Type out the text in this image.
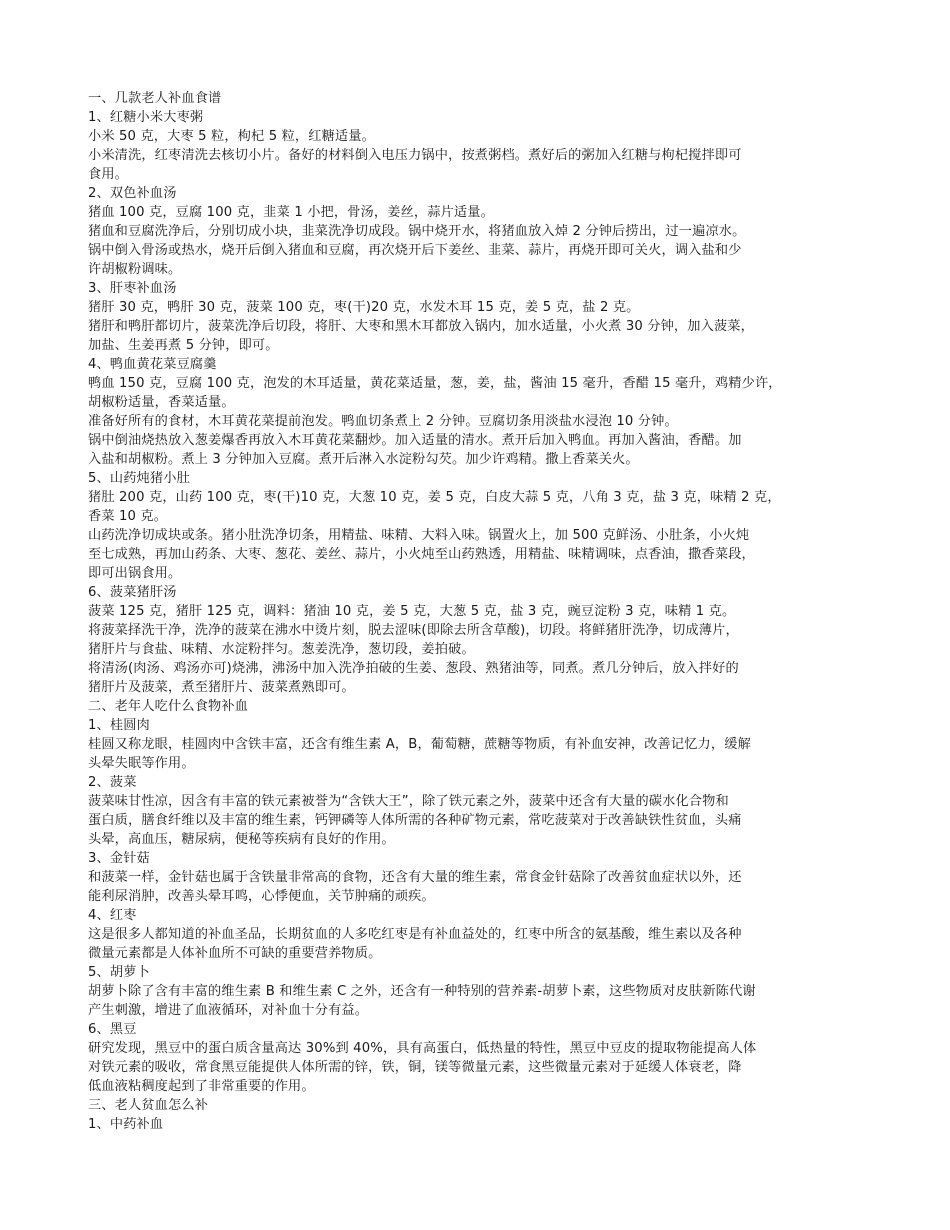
一、几款老人补血食谱

1、红糖小米大枣粥

小米 50 克，大枣 5 粒，枸杞 5 粒，红糖适量。

小米清洗，红枣清洗去核切小片。备好的材料倒入电压力锅中，按煮粥档。煮好后的粥加入红糖与枸杞搅拌即可

食用。

2、双色补血汤

猪血 100 克，豆腐 100 克，韭菜 1 小把，骨汤，姜丝，蒜片适量。

猪血和豆腐洗净后，分别切成小块，韭菜洗净切成段。锅中烧开水，将猪血放入焯 2 分钟后捞出，过一遍凉水。

锅中倒入骨汤或热水，烧开后倒入猪血和豆腐，再次烧开后下姜丝、韭菜、蒜片，再烧开即可关火，调入盐和少

许胡椒粉调味。

3、肝枣补血汤

猪肝 30 克，鸭肝 30 克，菠菜 100 克，枣(干)20 克，水发木耳 15 克，姜 5 克，盐 2 克。

猪肝和鸭肝都切片，菠菜洗净后切段，将肝、大枣和黑木耳都放入锅内，加水适量，小火煮 30 分钟，加入菠菜，

加盐、生姜再煮 5 分钟，即可。

4、鸭血黄花菜豆腐羹

鸭血 150 克，豆腐 100 克，泡发的木耳适量，黄花菜适量，葱，姜，盐，酱油 15 毫升，香醋 15 毫升，鸡精少许，

胡椒粉适量，香菜适量。

准备好所有的食材，木耳黄花菜提前泡发。鸭血切条煮上 2 分钟。豆腐切条用淡盐水浸泡 10 分钟。

锅中倒油烧热放入葱姜爆香再放入木耳黄花菜翻炒。加入适量的清水。煮开后加入鸭血。再加入酱油，香醋。加

入盐和胡椒粉。煮上 3 分钟加入豆腐。煮开后淋入水淀粉勾芡。加少许鸡精。撒上香菜关火。

5、山药炖猪小肚

猪肚 200 克，山药 100 克，枣(干)10 克，大葱 10 克，姜 5 克，白皮大蒜 5 克，八角 3 克，盐 3 克，味精 2 克，

香菜 10 克。

山药洗净切成块或条。猪小肚洗净切条，用精盐、味精、大料入味。锅置火上，加 500 克鲜汤、小肚条，小火炖

至七成熟，再加山药条、大枣、葱花、姜丝、蒜片，小火炖至山药熟透，用精盐、味精调味，点香油，撒香菜段，

即可出锅食用。

6、菠菜猪肝汤

菠菜 125 克，猪肝 125 克，调料：猪油 10 克，姜 5 克，大葱 5 克，盐 3 克，豌豆淀粉 3 克，味精 1 克。

将菠菜择洗干净，洗净的菠菜在沸水中烫片刻，脱去涩味(即除去所含草酸)，切段。将鲜猪肝洗净，切成薄片，

猪肝片与食盐、味精、水淀粉拌匀。葱姜洗净，葱切段，姜拍破。

将清汤(肉汤、鸡汤亦可)烧沸，沸汤中加入洗净拍破的生姜、葱段、熟猪油等，同煮。煮几分钟后，放入拌好的

猪肝片及菠菜，煮至猪肝片、菠菜煮熟即可。

二、老年人吃什么食物补血

1、桂圆肉

桂圆又称龙眼，桂圆肉中含铁丰富，还含有维生素 A，B，葡萄糖，蔗糖等物质，有补血安神，改善记忆力，缓解

头晕失眠等作用。

2、菠菜

菠菜味甘性凉，因含有丰富的铁元素被誉为“含铁大王”，除了铁元素之外，菠菜中还含有大量的碳水化合物和

蛋白质，膳食纤维以及丰富的维生素，钙钾磷等人体所需的各种矿物元素，常吃菠菜对于改善缺铁性贫血，头痛

头晕，高血压，糖尿病，便秘等疾病有良好的作用。

3、金针菇

和菠菜一样，金针菇也属于含铁量非常高的食物，还含有大量的维生素，常食金针菇除了改善贫血症状以外，还

能利尿消肿，改善头晕耳鸣，心悸便血，关节肿痛的顽疾。

4、红枣

这是很多人都知道的补血圣品，长期贫血的人多吃红枣是有补血益处的，红枣中所含的氨基酸，维生素以及各种

微量元素都是人体补血所不可缺的重要营养物质。

5、胡萝卜

胡萝卜除了含有丰富的维生素 B 和维生素 C 之外，还含有一种特别的营养素-胡萝卜素，这些物质对皮肤新陈代谢

产生刺激，增进了血液循环，对补血十分有益。

6、黑豆

研究发现，黑豆中的蛋白质含量高达 30%到 40%，具有高蛋白，低热量的特性，黑豆中豆皮的提取物能提高人体

对铁元素的吸收，常食黑豆能提供人体所需的锌，铁，铜，镁等微量元素，这些微量元素对于延缓人体衰老，降

低血液粘稠度起到了非常重要的作用。

三、老人贫血怎么补

1、中药补血
